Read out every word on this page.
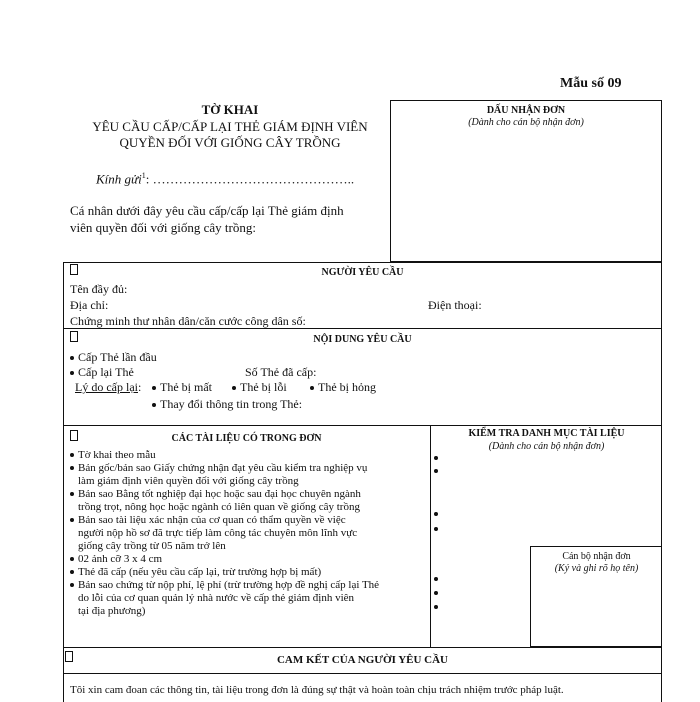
Mẫu số 09
TỜ KHAI
YÊU CẦU CẤP/CẤP LẠI THẺ GIÁM ĐỊNH VIÊN
QUYỀN ĐỐI VỚI GIỐNG CÂY TRỒNG
Kính gửi$^1$: ………………………………………..
Cá nhân dưới đây yêu cầu cấp/cấp lại Thẻ giám định
viên quyền đối với giống cây trồng:
DẤU NHẬN ĐƠN
(Dành cho cán bộ nhận đơn)
NGƯỜI YÊU CẦU
Tên đầy đủ:
Địa chỉ:	Điện thoại:
Chứng minh thư nhân dân/căn cước công dân số:
NỘI DUNG YÊU CẦU
Cấp Thẻ lần đầu
Cấp lại Thẻ	Số Thẻ đã cấp:
Lý do cấp lại:	Thẻ bị mất	Thẻ bị lỗi	Thẻ bị hỏng
Thay đổi thông tin trong Thẻ:
CÁC TÀI LIỆU CÓ TRONG ĐƠN
Tờ khai theo mẫu
Bản gốc/bản sao Giấy chứng nhận đạt yêu cầu kiểm tra nghiệp vụ
làm giám định viên quyền đối với giống cây trồng
Bản sao Bằng tốt nghiệp đại học hoặc sau đại học chuyên ngành
trồng trọt, nông học hoặc ngành có liên quan về giống cây trồng
Bản sao tài liệu xác nhận của cơ quan có thẩm quyền về việc
người nộp hồ sơ đã trực tiếp làm công tác chuyên môn lĩnh vực
giống cây trồng từ 05 năm trở lên
02 ảnh cỡ 3 x 4 cm
Thẻ đã cấp (nếu yêu cầu cấp lại, trừ trường hợp bị mất)
Bản sao chứng từ nộp phí, lệ phí (trừ trường hợp đề nghị cấp lại Thẻ
do lỗi của cơ quan quản lý nhà nước về cấp thẻ giám định viên
tại địa phương)
KIỂM TRA DANH MỤC TÀI LIỆU
(Dành cho cán bộ nhận đơn)
Cán bộ nhận đơn
(Ký và ghi rõ họ tên)
CAM KẾT CỦA NGƯỜI YÊU CẦU
Tôi xin cam đoan các thông tin, tài liệu trong đơn là đúng sự thật và hoàn toàn chịu trách nhiệm trước pháp luật.
